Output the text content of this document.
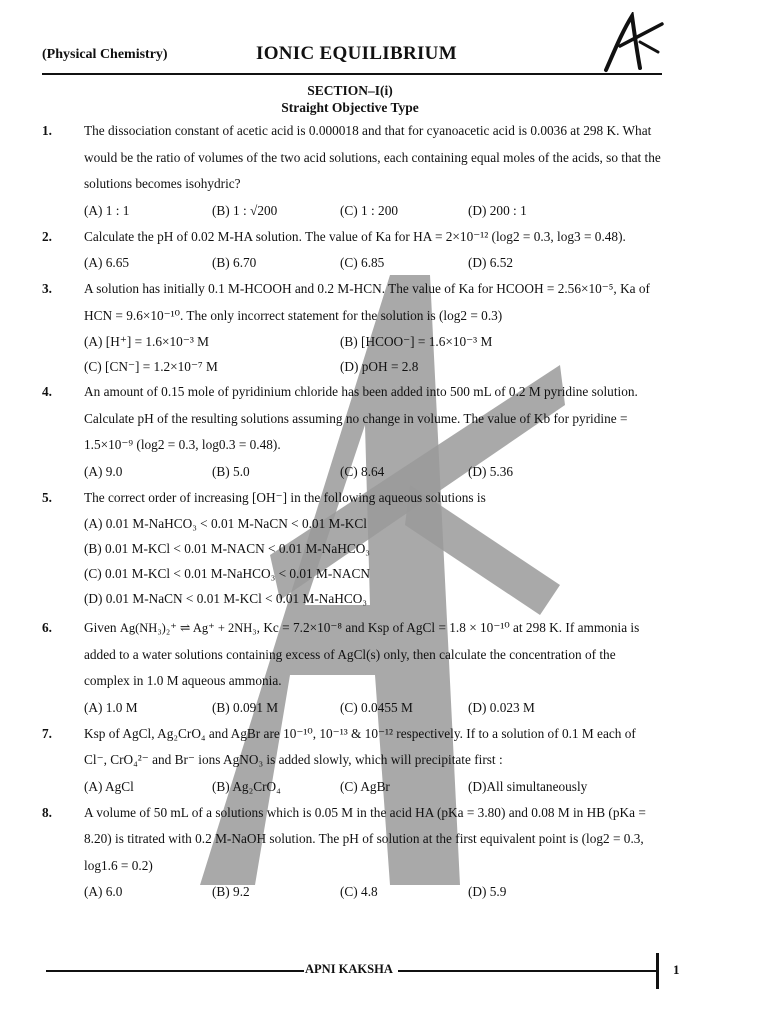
(Physical Chemistry)	IONIC EQUILIBRIUM
SECTION–I(i)
Straight Objective Type
1. The dissociation constant of acetic acid is 0.000018 and that for cyanoacetic acid is 0.0036 at 298 K. What would be the ratio of volumes of the two acid solutions, each containing equal moles of the acids, so that the solutions becomes isohydric?
(A) 1 : 1	(B) 1 : √200	(C) 1 : 200	(D) 200 : 1
2. Calculate the pH of 0.02 M-HA solution. The value of Ka for HA = 2×10⁻¹² (log2 = 0.3, log3 = 0.48).
(A) 6.65	(B) 6.70	(C) 6.85	(D) 6.52
3. A solution has initially 0.1 M-HCOOH and 0.2 M-HCN. The value of Ka for HCOOH = 2.56×10⁻⁵, Ka of HCN = 9.6×10⁻¹⁰. The only incorrect statement for the solution is (log2 = 0.3)
(A) [H⁺] = 1.6×10⁻³ M	(B) [HCOO⁻] = 1.6×10⁻³ M
(C) [CN⁻] = 1.2×10⁻⁷ M	(D) pOH = 2.8
4. An amount of 0.15 mole of pyridinium chloride has been added into 500 mL of 0.2 M pyridine solution. Calculate pH of the resulting solutions assuming no change in volume. The value of Kb for pyridine = 1.5×10⁻⁹ (log2 = 0.3, log0.3 = 0.48).
(A) 9.0	(B) 5.0	(C) 8.64	(D) 5.36
5. The correct order of increasing [OH⁻] in the following aqueous solutions is
(A) 0.01 M-NaHCO₃ < 0.01 M-NaCN < 0.01 M-KCl
(B) 0.01 M-KCl < 0.01 M-NACN < 0.01 M-NaHCO₃
(C) 0.01 M-KCl < 0.01 M-NaHCO₃ < 0.01 M-NACN
(D) 0.01 M-NaCN < 0.01 M-KCl < 0.01 M-NaHCO₃
6. Given Ag(NH₃)₂⁺ ⇌ Ag⁺ + 2NH₃, Kc = 7.2×10⁻⁸ and Ksp of AgCl = 1.8 × 10⁻¹⁰ at 298 K. If ammonia is added to a water solutions containing excess of AgCl(s) only, then calculate the concentration of the complex in 1.0 M aqueous ammonia.
(A) 1.0 M	(B) 0.091 M	(C) 0.0455 M	(D) 0.023 M
7. Ksp of AgCl, Ag₂CrO₄ and AgBr are 10⁻¹⁰, 10⁻¹³ & 10⁻¹² respectively. If to a solution of 0.1 M each of Cl⁻, CrO₄²⁻ and Br⁻ ions AgNO₃ is added slowly, which will precipitate first :
(A) AgCl	(B) Ag₂CrO₄	(C) AgBr	(D)All simultaneously
8. A volume of 50 mL of a solutions which is 0.05 M in the acid HA (pKa = 3.80) and 0.08 M in HB (pKa = 8.20) is titrated with 0.2 M-NaOH solution. The pH of solution at the first equivalent point is (log2 = 0.3, log1.6 = 0.2)
(A) 6.0	(B) 9.2	(C) 4.8	(D) 5.9
APNI KAKSHA	1
